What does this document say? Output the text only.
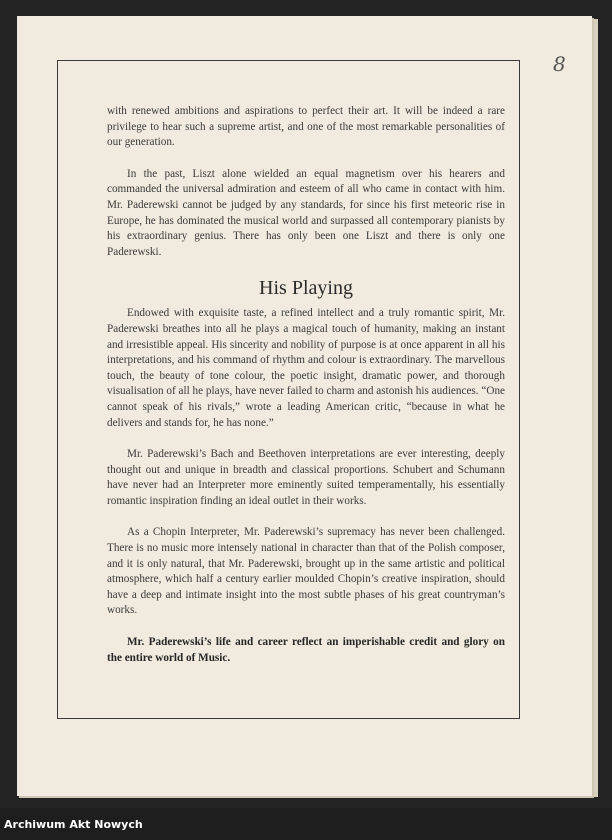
8

with renewed ambitions and aspirations to perfect their art. It will be indeed a rare privilege to hear such a supreme artist, and one of the most remarkable personalities of our generation.

In the past, Liszt alone wielded an equal magnetism over his hearers and commanded the universal admiration and esteem of all who came in contact with him. Mr. Paderewski cannot be judged by any standards, for since his first meteoric rise in Europe, he has dominated the musical world and surpassed all contemporary pianists by his extraordinary genius. There has only been one Liszt and there is only one Paderewski.

His Playing

Endowed with exquisite taste, a refined intellect and a truly romantic spirit, Mr. Paderewski breathes into all he plays a magical touch of humanity, making an instant and irresistible appeal. His sincerity and nobility of purpose is at once apparent in all his interpretations, and his command of rhythm and colour is extraordinary. The marvellous touch, the beauty of tone colour, the poetic insight, dramatic power, and thorough visualisation of all he plays, have never failed to charm and astonish his audiences. “One cannot speak of his rivals,” wrote a leading American critic, “because in what he delivers and stands for, he has none.”

Mr. Paderewski’s Bach and Beethoven interpretations are ever interesting, deeply thought out and unique in breadth and classical proportions. Schubert and Schumann have never had an Interpreter more eminently suited temperamentally, his essentially romantic inspiration finding an ideal outlet in their works.

As a Chopin Interpreter, Mr. Paderewski’s supremacy has never been challenged. There is no music more intensely national in character than that of the Polish composer, and it is only natural, that Mr. Paderewski, brought up in the same artistic and political atmosphere, which half a century earlier moulded Chopin’s creative inspiration, should have a deep and intimate insight into the most subtle phases of his great countryman’s works.

Mr. Paderewski’s life and career reflect an imperishable credit and glory on the entire world of Music.

Archiwum Akt Nowych
